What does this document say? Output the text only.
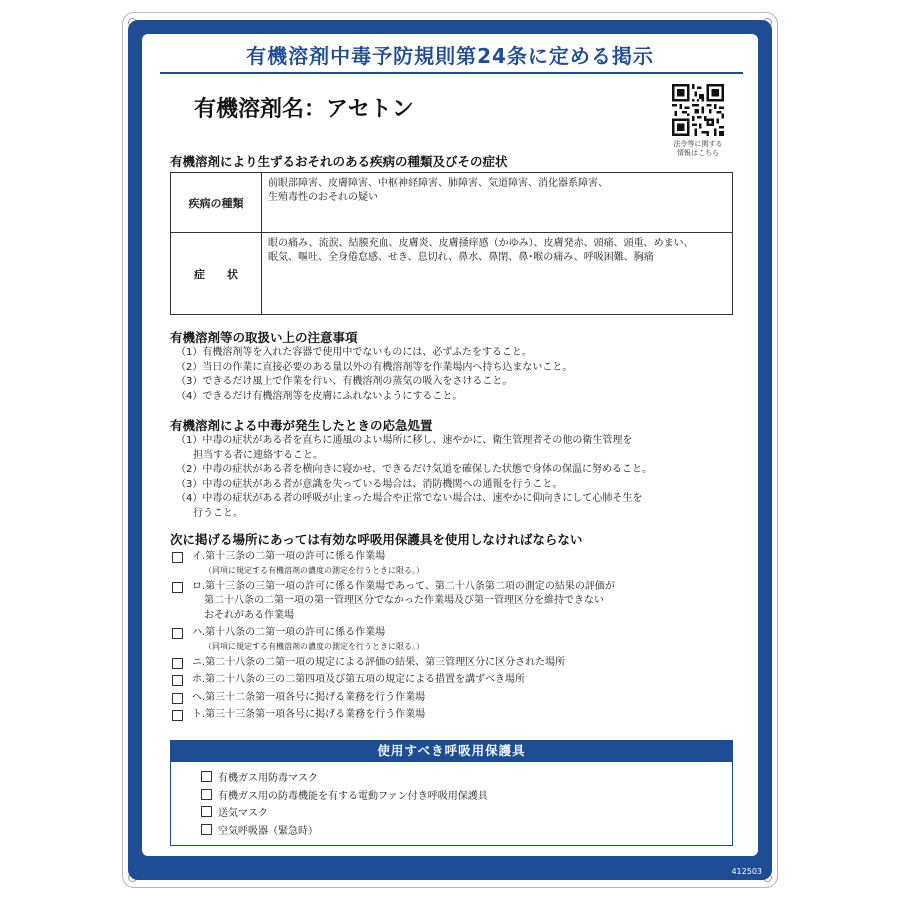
有機溶剤中毒予防規則第24条に定める掲示
有機溶剤名：アセトン
法令等に関する
情報はこちら
有機溶剤により生ずるおそれのある疾病の種類及びその症状
疾病の種類	前眼部障害、皮膚障害、中枢神経障害、肺障害、気道障害、消化器系障害、
生殖毒性のおそれの疑い

症　　状	眼の痛み、流涙、結膜充血、皮膚炎、皮膚掻痒感（かゆみ）、皮膚発赤、頭痛、頭重、めまい、
眠気、嘔吐、全身倦怠感、せき、息切れ、鼻水、鼻閉、鼻･喉の痛み、呼吸困難、胸痛
有機溶剤等の取扱い上の注意事項
（1）有機溶剤等を入れた容器で使用中でないものには、必ずふたをすること。
（2）当日の作業に直接必要のある量以外の有機溶剤等を作業場内へ持ち込まないこと。
（3）できるだけ風上で作業を行い、有機溶剤の蒸気の吸入をさけること。
（4）できるだけ有機溶剤等を皮膚にふれないようにすること。
有機溶剤による中毒が発生したときの応急処置
（1）中毒の症状がある者を直ちに通風のよい場所に移し、速やかに、衛生管理者その他の衛生管理を
担当する者に連絡すること。
（2）中毒の症状がある者を横向きに寝かせ、できるだけ気道を確保した状態で身体の保温に努めること。
（3）中毒の症状がある者が意識を失っている場合は、消防機関への通報を行うこと。
（4）中毒の症状がある者の呼吸が止まった場合や正常でない場合は、速やかに仰向きにして心肺そ生を
行うこと。
次に掲げる場所にあっては有効な呼吸用保護具を使用しなければならない
イ.第十三条の二第一項の許可に係る作業場
（同項に規定する有機溶剤の濃度の測定を行うときに限る。）
ロ.第十三条の三第一項の許可に係る作業場であって、第二十八条第二項の測定の結果の評価が
第二十八条の二第一項の第一管理区分でなかった作業場及び第一管理区分を維持できない
おそれがある作業場
ハ.第十八条の二第一項の許可に係る作業場
（同項に規定する有機溶剤の濃度の測定を行うときに限る。）
ニ.第二十八条の二第一項の規定による評価の結果、第三管理区分に区分された場所
ホ.第二十八条の三の二第四項及び第五項の規定による措置を講ずべき場所
ヘ.第三十二条第一項各号に掲げる業務を行う作業場
ト.第三十三条第一項各号に掲げる業務を行う作業場
使用すべき呼吸用保護具
有機ガス用防毒マスク
有機ガス用の防毒機能を有する電動ファン付き呼吸用保護具
送気マスク
空気呼吸器（緊急時）
412503
